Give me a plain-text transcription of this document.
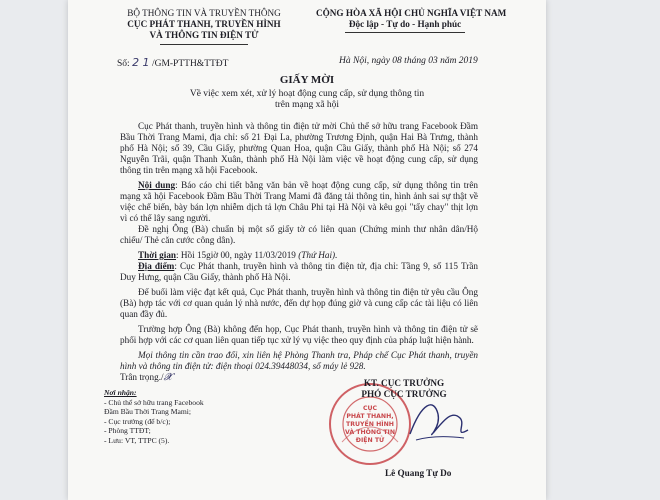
BỘ THÔNG TIN VÀ TRUYỀN THÔNG
CỤC PHÁT THANH, TRUYỀN HÌNH
VÀ THÔNG TIN ĐIỆN TỬ
CỘNG HÒA XÃ HỘI CHỦ NGHĨA VIỆT NAM
Độc lập - Tự do - Hạnh phúc
Số: 2 1 /GM-PTTH&TTĐT	Hà Nội, ngày 08 tháng 03 năm 2019
GIẤY MỜI
Về việc xem xét, xử lý hoạt động cung cấp, sử dụng thông tin
trên mạng xã hội

Cục Phát thanh, truyền hình và thông tin điện tử mời Chủ thể sở hữu trang Facebook Đầm Bầu Thời Trang Mami, địa chỉ: số 21 Đại La, phường Trương Định, quận Hai Bà Trưng, thành phố Hà Nội; số 39, Cầu Giấy, phường Quan Hoa, quận Cầu Giấy, thành phố Hà Nội; số 274 Nguyễn Trãi, quận Thanh Xuân, thành phố Hà Nội làm việc về hoạt động cung cấp, sử dụng thông tin trên mạng xã hội Facebook.

Nội dung: Báo cáo chi tiết bằng văn bản về hoạt động cung cấp, sử dụng thông tin trên mạng xã hội Facebook Đầm Bầu Thời Trang Mami đã đăng tải thông tin, hình ảnh sai sự thật về việc chế biến, bày bán lợn nhiễm dịch tả lợn Châu Phi tại Hà Nội và kêu gọi "tẩy chay" thịt lợn vì có thể lây sang người.

Đề nghị Ông (Bà) chuẩn bị một số giấy tờ có liên quan (Chứng minh thư nhân dân/Hộ chiếu/ Thẻ căn cước công dân).

Thời gian: Hồi 15giờ 00, ngày 11/03/2019 (Thứ Hai).

Địa điểm: Cục Phát thanh, truyền hình và thông tin điện tử, địa chỉ: Tầng 9, số 115 Trần Duy Hưng, quận Cầu Giấy, thành phố Hà Nội.

Để buổi làm việc đạt kết quả, Cục Phát thanh, truyền hình và thông tin điện tử yêu cầu Ông (Bà) hợp tác với cơ quan quản lý nhà nước, đến dự họp đúng giờ và cung cấp các tài liệu có liên quan đầy đủ.

Trường hợp Ông (Bà) không đến họp, Cục Phát thanh, truyền hình và thông tin điện tử sẽ phối hợp với các cơ quan liên quan tiếp tục xử lý vụ việc theo quy định của pháp luật hiện hành.

Mọi thông tin cần trao đổi, xin liên hệ Phòng Thanh tra, Pháp chế Cục Phát thanh, truyền hình và thông tin điện tử: điện thoại 024.39448034, số máy lẻ 928.

Trân trọng./𝓧
Nơi nhận:
- Chủ thể sở hữu trang Facebook
Đầm Bầu Thời Trang Mami;
- Cục trưởng (để b/c);
- Phòng TTĐT;
- Lưu: VT, TTPC (5).
PHÁT THANH,
TRUYỀN HÌNH
VÀ THÔNG TIN
ĐIỆN TỬ
CỤC
KT. CỤC TRƯỞNG
PHÓ CỤC TRƯỞNG
Lê Quang Tự Do
